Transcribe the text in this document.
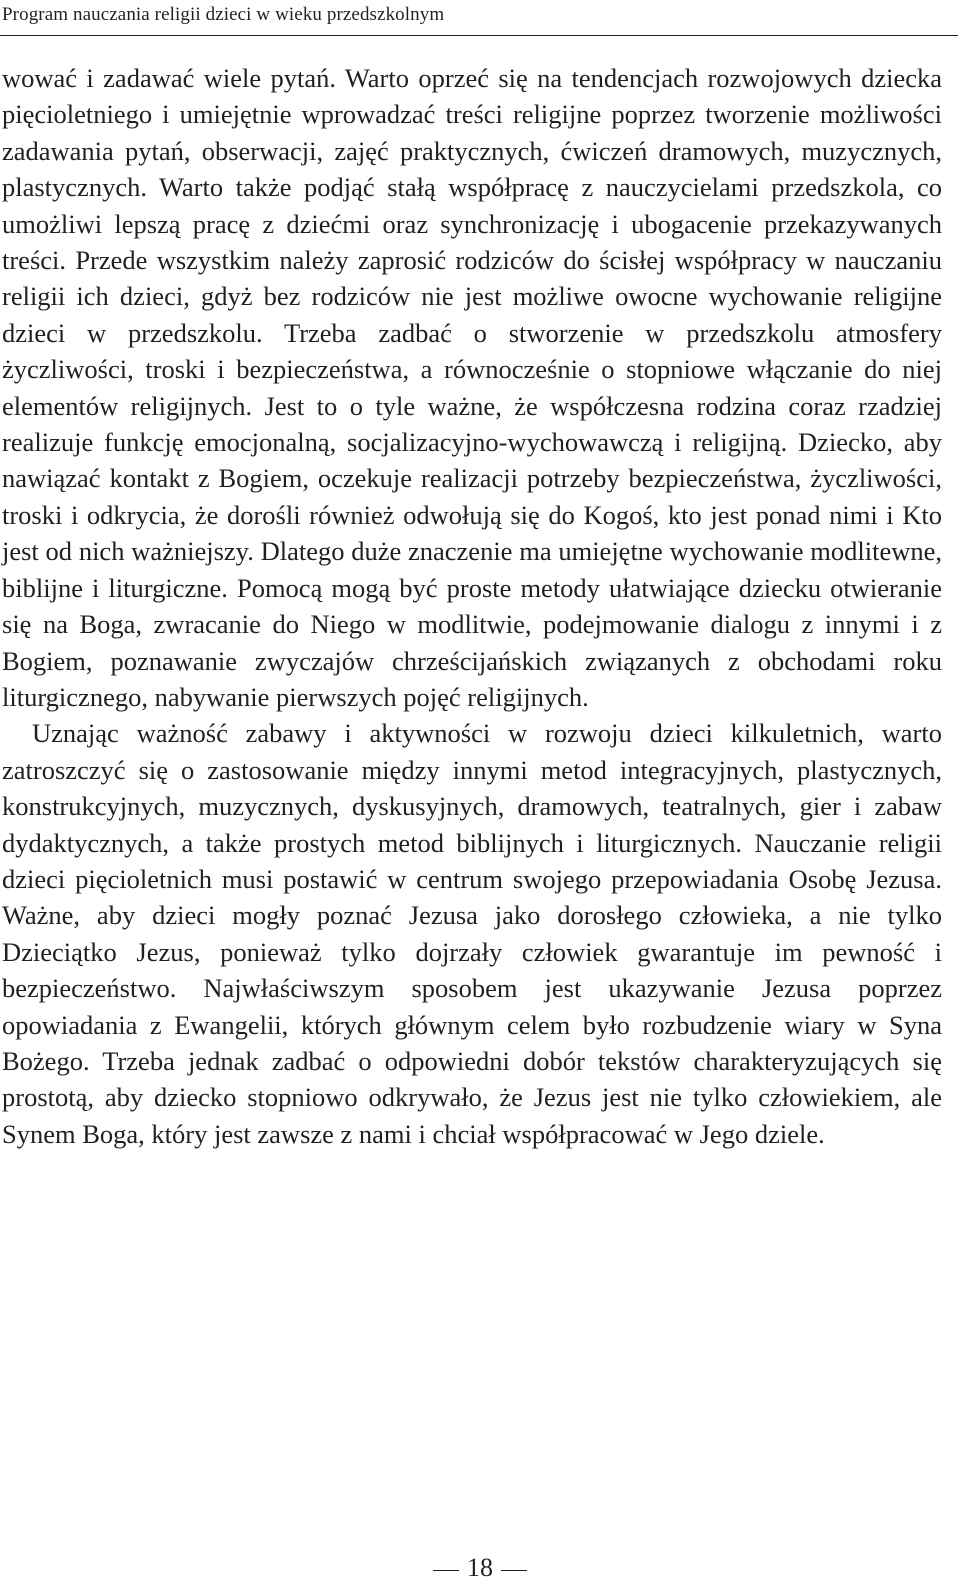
Program nauczania religii dzieci w wieku przedszkolnym

wować i zadawać wiele pytań. Warto oprzeć się na tendencjach rozwojowych dziecka pięcioletniego i umiejętnie wprowadzać treści religijne poprzez tworzenie możliwości zadawania pytań, obserwacji, zajęć praktycznych, ćwiczeń dramowych, muzycznych, plastycznych. Warto także podjąć stałą współpracę z nauczycielami przedszkola, co umożliwi lepszą pracę z dziećmi oraz synchronizację i ubogacenie przekazywanych treści. Przede wszystkim należy zaprosić rodziców do ścisłej współpracy w nauczaniu religii ich dzieci, gdyż bez rodziców nie jest możliwe owocne wychowanie religijne dzieci w przedszkolu. Trzeba zadbać o stworzenie w przedszkolu atmosfery życzliwości, troski i bezpieczeństwa, a równocześnie o stopniowe włączanie do niej elementów religijnych. Jest to o tyle ważne, że współczesna rodzina coraz rzadziej realizuje funkcję emocjonalną, socjalizacyjno-wychowawczą i religijną. Dziecko, aby nawiązać kontakt z Bogiem, oczekuje realizacji potrzeby bezpieczeństwa, życzliwości, troski i odkrycia, że dorośli również odwołują się do Kogoś, kto jest ponad nimi i Kto jest od nich ważniejszy. Dlatego duże znaczenie ma umiejętne wychowanie modlitewne, biblijne i liturgiczne. Pomocą mogą być proste metody ułatwiające dziecku otwieranie się na Boga, zwracanie do Niego w modlitwie, podejmowanie dialogu z innymi i z Bogiem, poznawanie zwyczajów chrześcijańskich związanych z obchodami roku liturgicznego, nabywanie pierwszych pojęć religijnych.

Uznając ważność zabawy i aktywności w rozwoju dzieci kilkuletnich, warto zatroszczyć się o zastosowanie między innymi metod integracyjnych, plastycznych, konstrukcyjnych, muzycznych, dyskusyjnych, dramowych, teatralnych, gier i zabaw dydaktycznych, a także prostych metod biblijnych i liturgicznych. Nauczanie religii dzieci pięcioletnich musi postawić w centrum swojego przepowiadania Osobę Jezusa. Ważne, aby dzieci mogły poznać Jezusa jako dorosłego człowieka, a nie tylko Dzieciątko Jezus, ponieważ tylko dojrzały człowiek gwarantuje im pewność i bezpieczeństwo. Najwłaściwszym sposobem jest ukazywanie Jezusa poprzez opowiadania z Ewangelii, których głównym celem było rozbudzenie wiary w Syna Bożego. Trzeba jednak zadbać o odpowiedni dobór tekstów charakteryzujących się prostotą, aby dziecko stopniowo odkrywało, że Jezus jest nie tylko człowiekiem, ale Synem Boga, który jest zawsze z nami i chciał współpracować w Jego dziele.

18
